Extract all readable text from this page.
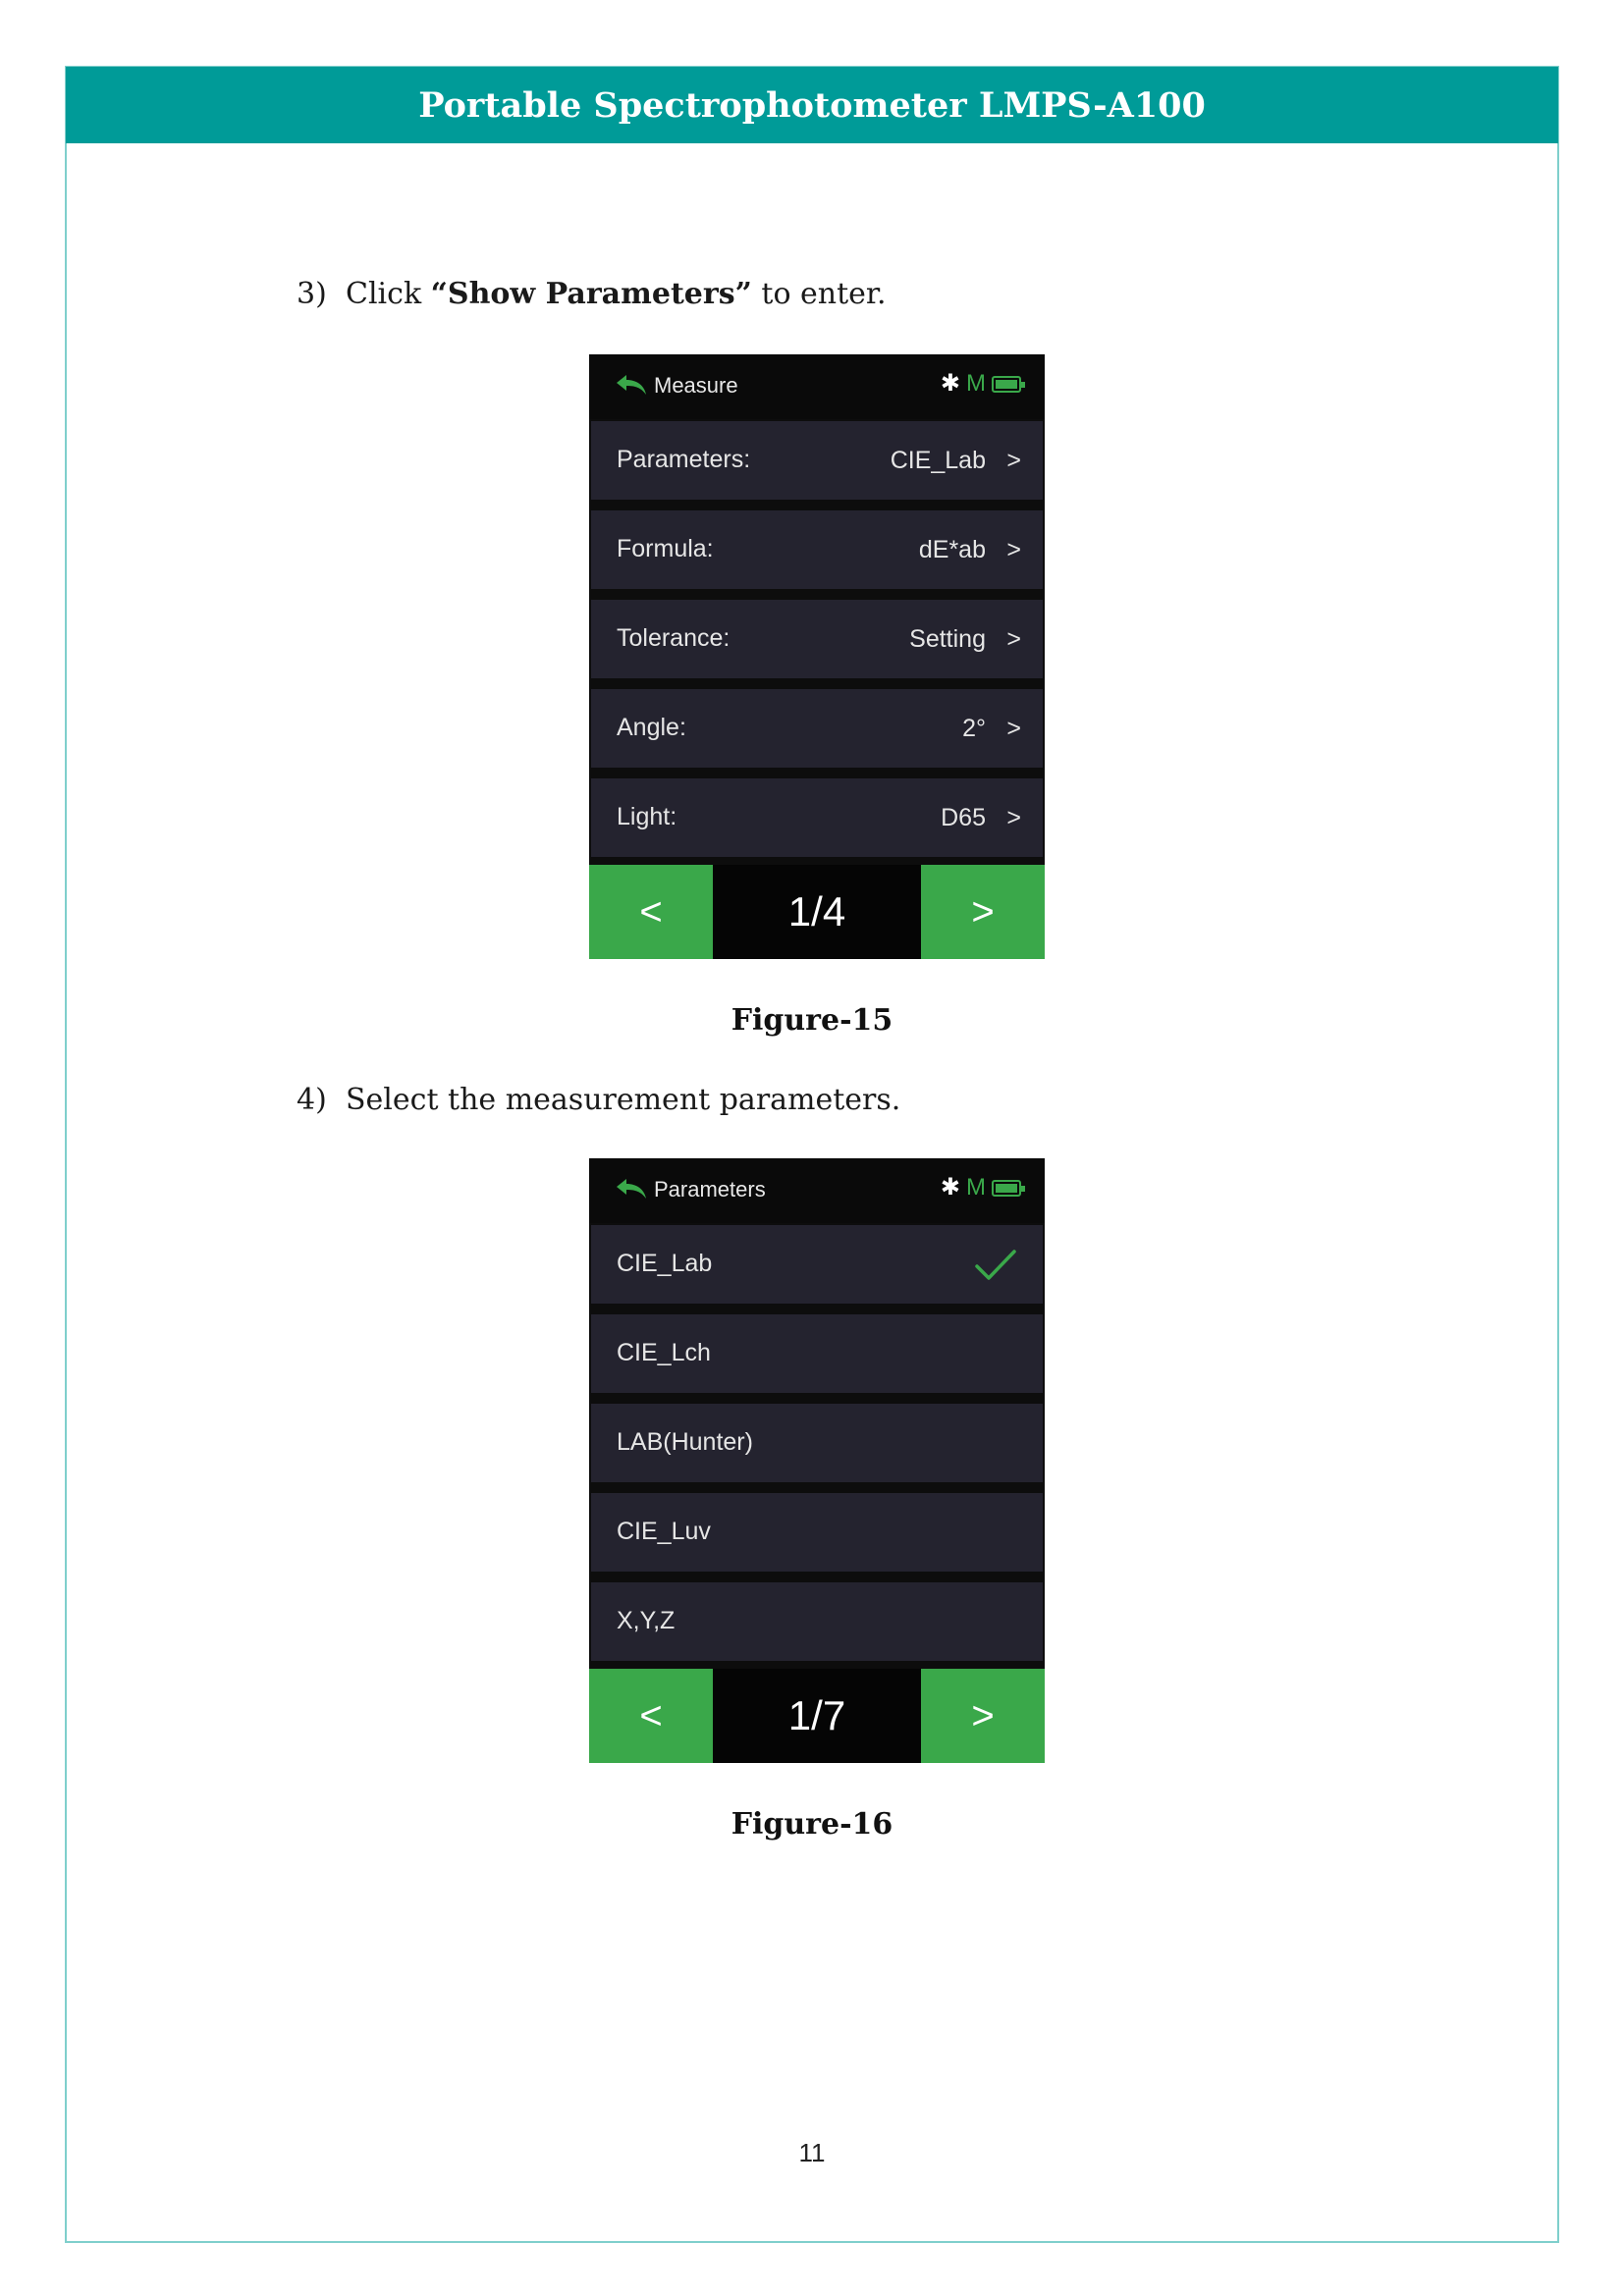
Portable Spectrophotometer LMPS-A100
3) Click “Show Parameters” to enter.
Measure	✱ M
Parameters:	CIE_Lab >
Formula:	dE*ab >
Tolerance:	Setting >
Angle:	2° >
Light:	D65 >
<	1/4	>
Figure-15
4) Select the measurement parameters.
Parameters	✱ M
CIE_Lab
CIE_Lch
LAB(Hunter)
CIE_Luv
X,Y,Z
<	1/7	>
Figure-16
11
